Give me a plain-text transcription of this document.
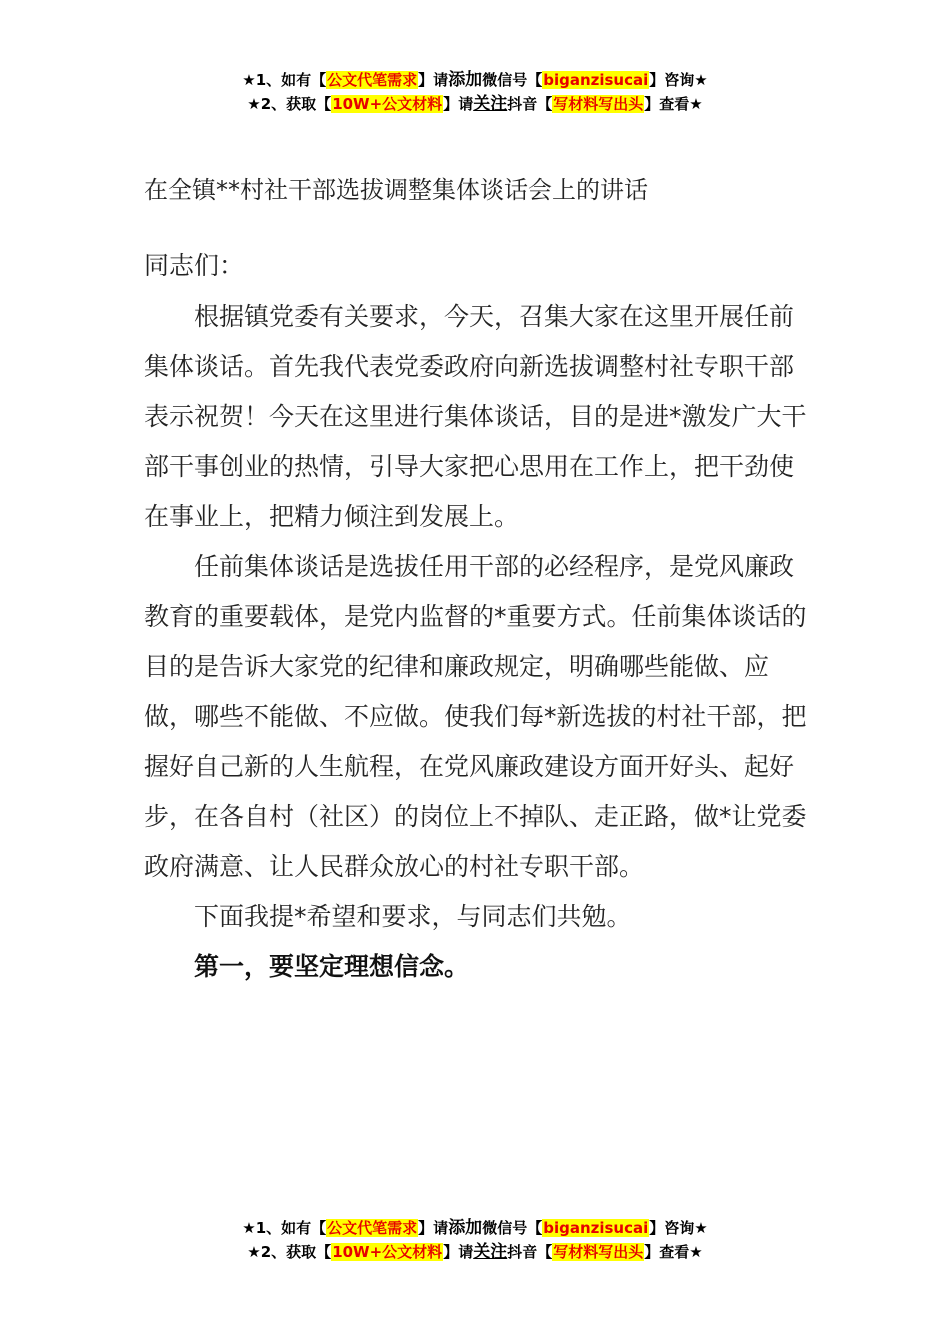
★1、如有【公文代笔需求】请添加微信号【biganzisucai】咨询★
★2、获取【10W+公文材料】请关注抖音【写材料写出头】查看★
在全镇**村社干部选拔调整集体谈话会上的讲话
同志们：

根据镇党委有关要求，今天，召集大家在这里开展任前集体谈话。首先我代表党委政府向新选拔调整村社专职干部表示祝贺！今天在这里进行集体谈话，目的是进*激发广大干部干事创业的热情，引导大家把心思用在工作上，把干劲使在事业上，把精力倾注到发展上。

任前集体谈话是选拔任用干部的必经程序，是党风廉政教育的重要载体，是党内监督的*重要方式。任前集体谈话的目的是告诉大家党的纪律和廉政规定，明确哪些能做、应做，哪些不能做、不应做。使我们每*新选拔的村社干部，把握好自己新的人生航程，在党风廉政建设方面开好头、起好步，在各自村（社区）的岗位上不掉队、走正路，做*让党委政府满意、让人民群众放心的村社专职干部。

下面我提*希望和要求，与同志们共勉。

第一，要坚定理想信念。

★1、如有【公文代笔需求】请添加微信号【biganzisucai】咨询★
★2、获取【10W+公文材料】请关注抖音【写材料写出头】查看★
